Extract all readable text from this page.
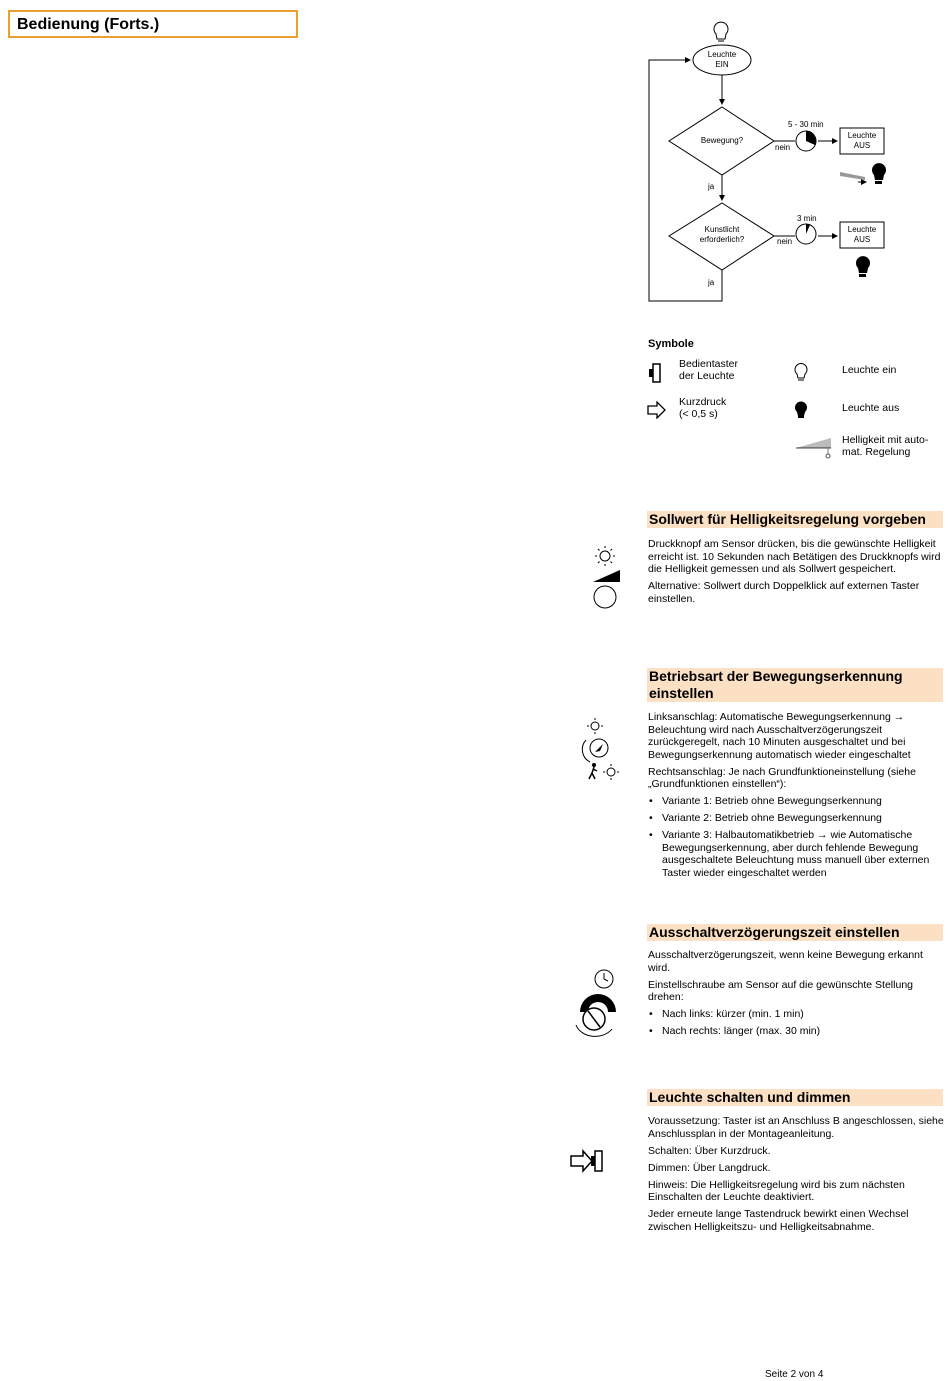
Bedienung (Forts.)
Leuchte
EIN
Bewegung?
Kunstlicht
erforderlich?
ja
ja
nein
nein
5 - 30 min
3 min
Leuchte
AUS
Leuchte
AUS
Symbole
Bedientaster
der Leuchte	Leuchte ein
Kurzdruck
(< 0,5 s)	Leuchte aus
Helligkeit mit auto-
mat. Regelung
Sollwert für Helligkeitsregelung vorgeben

Druckknopf am Sensor drücken, bis die gewünschte Helligkeit erreicht ist. 10 Sekunden nach Betätigen des Druckknopfs wird die Helligkeit gemessen und als Sollwert gespeichert.

Alternative: Sollwert durch Doppelklick auf externen Taster einstellen.

Betriebsart der Bewegungserkennung einstellen

Linksanschlag: Automatische Bewegungserkennung → Beleuchtung wird nach Ausschaltverzögerungszeit zurückgeregelt, nach 10 Minuten ausgeschaltet und bei Bewegungserkennung automatisch wieder eingeschaltet

Rechtsanschlag: Je nach Grundfunktioneinstellung (siehe „Grundfunktionen einstellen“):

• Variante 1: Betrieb ohne Bewegungserkennung
• Variante 2: Betrieb ohne Bewegungserkennung
• Variante 3: Halbautomatikbetrieb → wie Automatische Bewegungserkennung, aber durch fehlende Bewegung ausgeschaltete Beleuchtung muss manuell über externen Taster wieder eingeschaltet werden
Ausschaltverzögerungszeit einstellen

Ausschaltverzögerungszeit, wenn keine Bewegung erkannt wird.

Einstellschraube am Sensor auf die gewünschte Stellung drehen:

• Nach links: kürzer (min. 1 min)
• Nach rechts: länger (max. 30 min)
Leuchte schalten und dimmen

Voraussetzung: Taster ist an Anschluss B angeschlossen, siehe Anschlussplan in der Montageanleitung.

Schalten: Über Kurzdruck.

Dimmen: Über Langdruck.

Hinweis: Die Helligkeitsregelung wird bis zum nächsten Einschalten der Leuchte deaktiviert.

Jeder erneute lange Tastendruck bewirkt einen Wechsel zwischen Helligkeitszu- und Helligkeitsabnahme.

Seite 2 von 4
